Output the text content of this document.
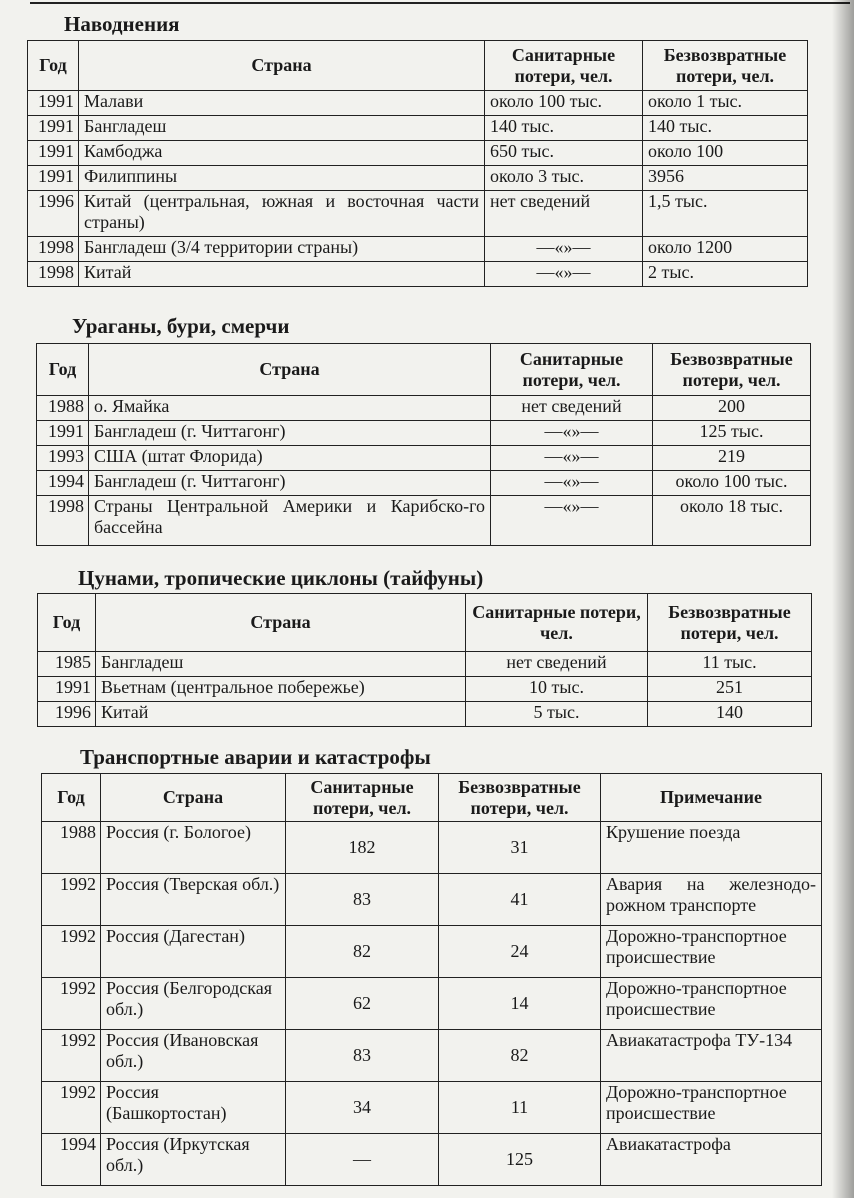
Наводнения
Год	Страна	Санитарные потери, чел.	Безвозвратные потери, чел.
1991	Малави	около 100 тыс.	около 1 тыс.
1991	Бангладеш	140 тыс.	140 тыс.
1991	Камбоджа	650 тыс.	около 100
1991	Филиппины	около 3 тыс.	3956
1996	Китай (центральная, южная и восточная части страны)	нет сведений	1,5 тыс.
1998	Бангладеш (3/4 территории страны)	—«»—	около 1200
1998	Китай	—«»—	2 тыс.
Ураганы, бури, смерчи
Год	Страна	Санитарные потери, чел.	Безвозвратные потери, чел.
1988	о. Ямайка	нет сведений	200
1991	Бангладеш (г. Читтагонг)	—«»—	125 тыс.
1993	США (штат Флорида)	—«»—	219
1994	Бангладеш (г. Читтагонг)	—«»—	около 100 тыс.
1998	Страны Центральной Америки и Карибско-го бассейна	—«»—	около 18 тыс.
Цунами, тропические циклоны (тайфуны)
Год	Страна	Санитарные потери, чел.	Безвозвратные потери, чел.
1985	Бангладеш	нет сведений	11 тыс.
1991	Вьетнам (центральное побережье)	10 тыс.	251
1996	Китай	5 тыс.	140
Транспортные аварии и катастрофы
Год	Страна	Санитарные потери, чел.	Безвозвратные потери, чел.	Примечание
1988	Россия (г. Бологое)	182	31	Крушение поезда
1992	Россия (Тверская обл.)	83	41	Авария на железнодо-рожном транспорте
1992	Россия (Дагестан)	82	24	Дорожно-транспортное происшествие
1992	Россия (Белгородская обл.)	62	14	Дорожно-транспортное происшествие
1992	Россия (Ивановская обл.)	83	82	Авиакатастрофа ТУ-134
1992	Россия (Башкортостан)	34	11	Дорожно-транспортное происшествие
1994	Россия (Иркутская обл.)	—	125	Авиакатастрофа
